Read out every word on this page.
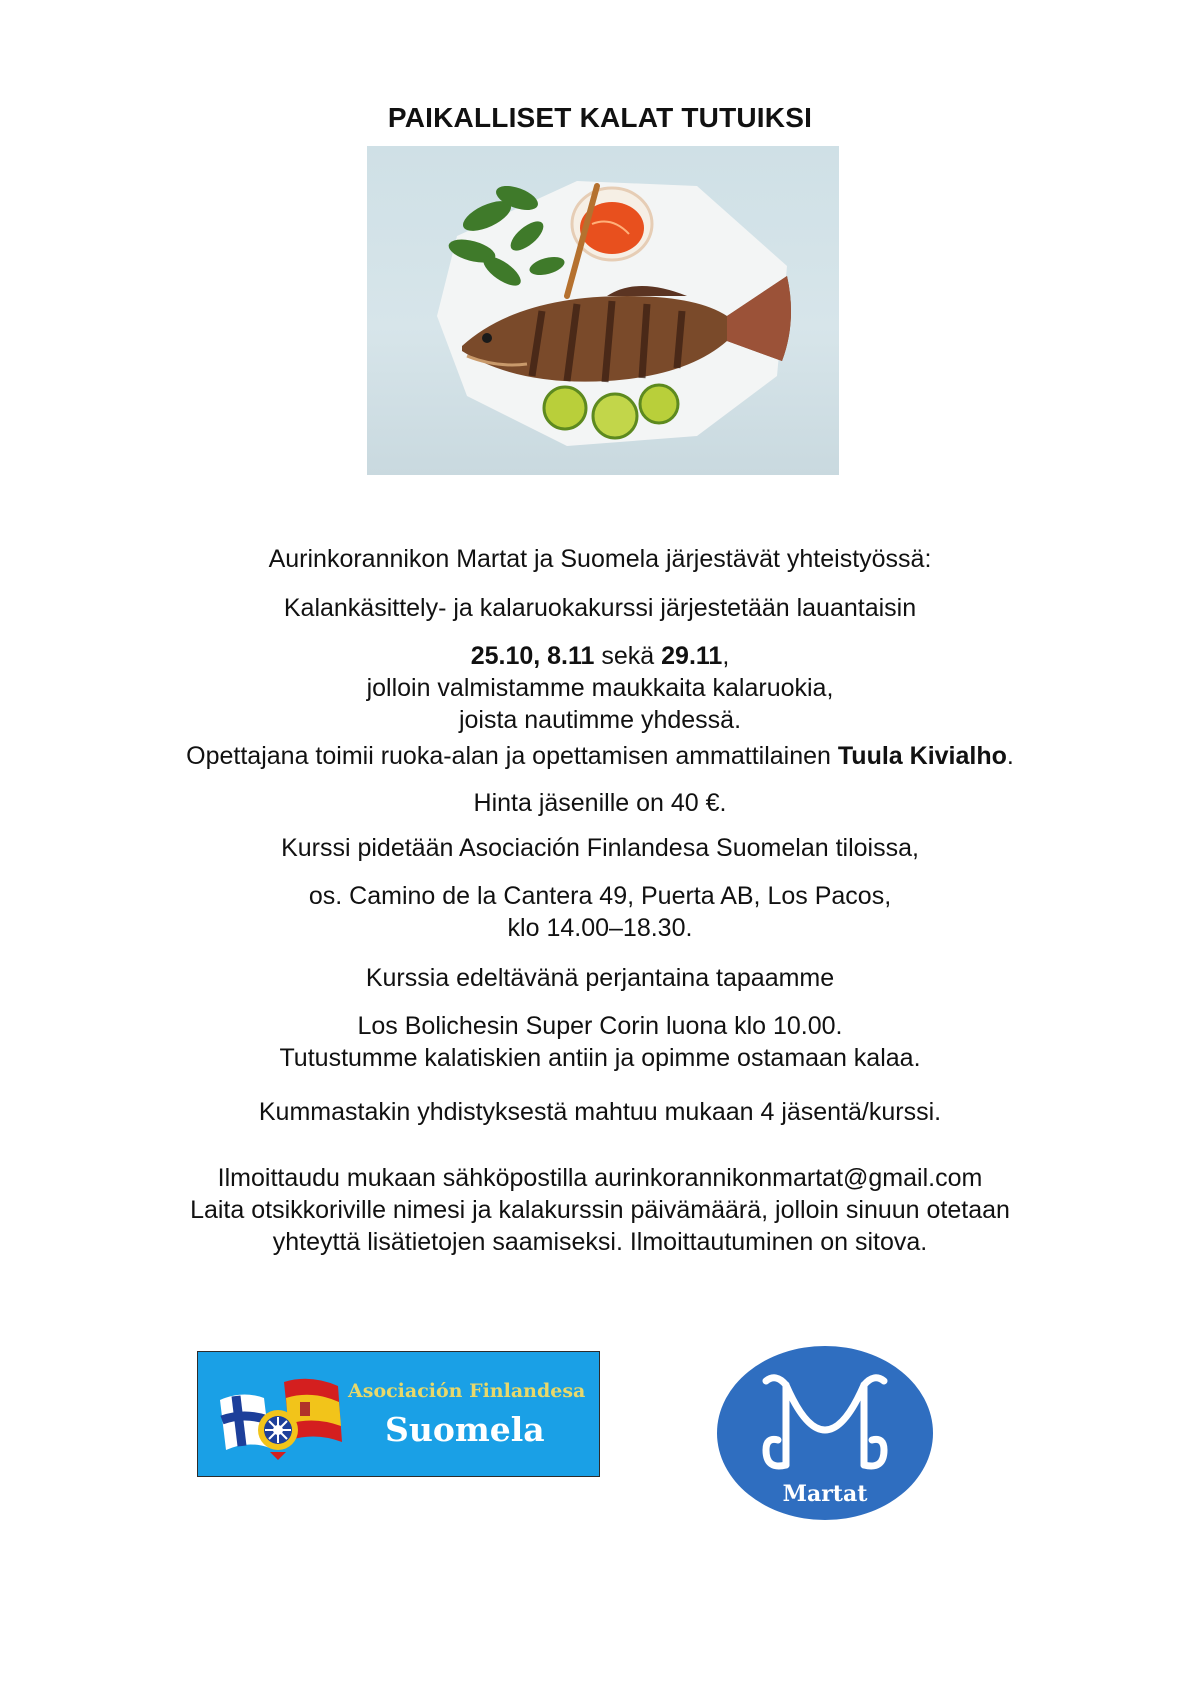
PAIKALLISET KALAT TUTUIKSI

Aurinkorannikon Martat ja Suomela järjestävät yhteistyössä:

Kalankäsittely- ja kalaruokakurssi järjestetään lauantaisin

25.10, 8.11 sekä 29.11,

jolloin valmistamme maukkaita kalaruokia,

joista nautimme yhdessä.

Opettajana toimii ruoka-alan ja opettamisen ammattilainen Tuula Kivialho.

Hinta jäsenille on 40 €.

Kurssi pidetään Asociación Finlandesa Suomelan tiloissa,

os. Camino de la Cantera 49, Puerta AB, Los Pacos,

klo 14.00–18.30.

Kurssia edeltävänä perjantaina tapaamme

Los Bolichesin Super Corin luona klo 10.00.

Tutustumme kalatiskien antiin ja opimme ostamaan kalaa.

Kummastakin yhdistyksestä mahtuu mukaan 4 jäsentä/kurssi.

Ilmoittaudu mukaan sähköpostilla aurinkorannikonmartat@gmail.com

Laita otsikkoriville nimesi ja kalakurssin päivämäärä, jolloin sinuun otetaan

yhteyttä lisätietojen saamiseksi. Ilmoittautuminen on sitova.

Asociación Finlandesa
Suomela
Martat
